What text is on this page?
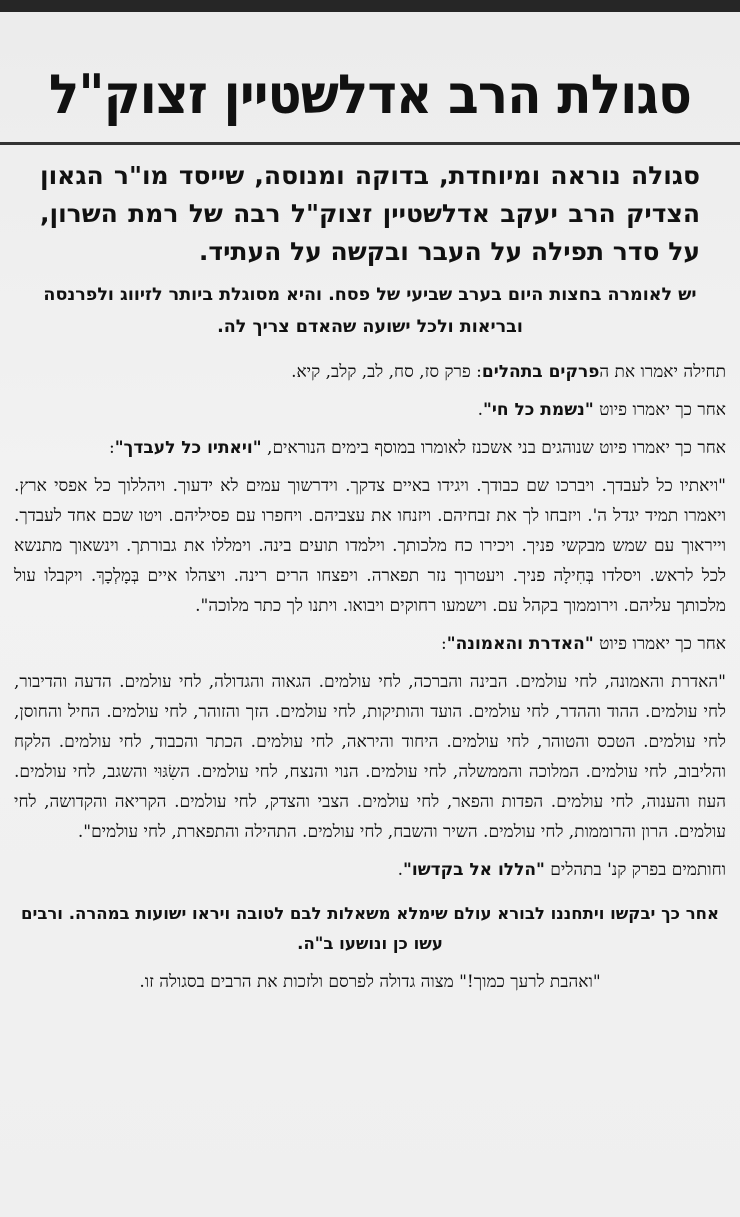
סגולת הרב אדלשטיין זצוק"ל

סגולה נוראה ומיוחדת, בדוקה ומנוסה, שייסד מו"ר הגאון הצדיק הרב יעקב אדלשטיין זצוק"ל רבה של רמת השרון, על סדר תפילה על העבר ובקשה על העתיד.

יש לאומרה בחצות היום בערב שביעי של פסח. והיא מסוגלת ביותר לזיווג ולפרנסה ובריאות ולכל ישועה שהאדם צריך לה.

תחילה יאמרו את הפרקים בתהלים: פרק סז, סח, לב, קלב, קיא.

אחר כך יאמרו פיוט "נשמת כל חי".

אחר כך יאמרו פיוט שנוהגים בני אשכנז לאומרו במוסף בימים הנוראים, "ויאתיו כל לעבדך":

"ויאתיו כל לעבדך. ויברכו שם כבודך. ויגידו באיים צדקך. וידרשוך עמים לא ידעוך. ויהללוך כל אפסי ארץ. ויאמרו תמיד יגדל ה'. ויזבחו לך את זבחיהם. ויזנחו את עצביהם. ויחפרו עם פסיליהם. ויטו שכם אחד לעבדך. וייראוך עם שמש מבקשי פניך. ויכירו כח מלכותך. וילמדו תועים בינה. וימללו את גבורתך. וינשאוך מתנשא לכל לראש. ויסלדו בְּחִילָה פניך. ויעטרוך נזר תפארה. ויפצחו הרים רינה. ויצהלו איים בְּמָלְכָךְ. ויקבלו עול מלכותך עליהם. וירוממוך בקהל עם. וישמעו רחוקים ויבואו. ויתנו לך כתר מלוכה".

אחר כך יאמרו פיוט "האדרת והאמונה":

"האדרת והאמונה, לחי עולמים. הבינה והברכה, לחי עולמים. הגאוה והגדולה, לחי עולמים. הדעה והדיבור, לחי עולמים. ההוד וההדר, לחי עולמים. הועד והותיקות, לחי עולמים. הזך והזוהר, לחי עולמים. החיל והחוסן, לחי עולמים. הטכס והטוהר, לחי עולמים. היחוד והיראה, לחי עולמים. הכתר והכבוד, לחי עולמים. הלקח והליבוב, לחי עולמים. המלוכה והממשלה, לחי עולמים. הנוי והנצח, לחי עולמים. השִׂגּוּי והשגב, לחי עולמים. העוז והענוה, לחי עולמים. הפדות והפאר, לחי עולמים. הצבי והצדק, לחי עולמים. הקריאה והקדושה, לחי עולמים. הרון והרוממות, לחי עולמים. השיר והשבח, לחי עולמים. התהילה והתפארת, לחי עולמים".

וחותמים בפרק קנ' בתהלים "הללו אל בקדשו".

אחר כך יבקשו ויתחננו לבורא עולם שימלא משאלות לבם לטובה ויראו ישועות במהרה. ורבים עשו כן ונושעו ב"ה.

"ואהבת לרעך כמוך!" מצוה גדולה לפרסם ולזכות את הרבים בסגולה זו.
